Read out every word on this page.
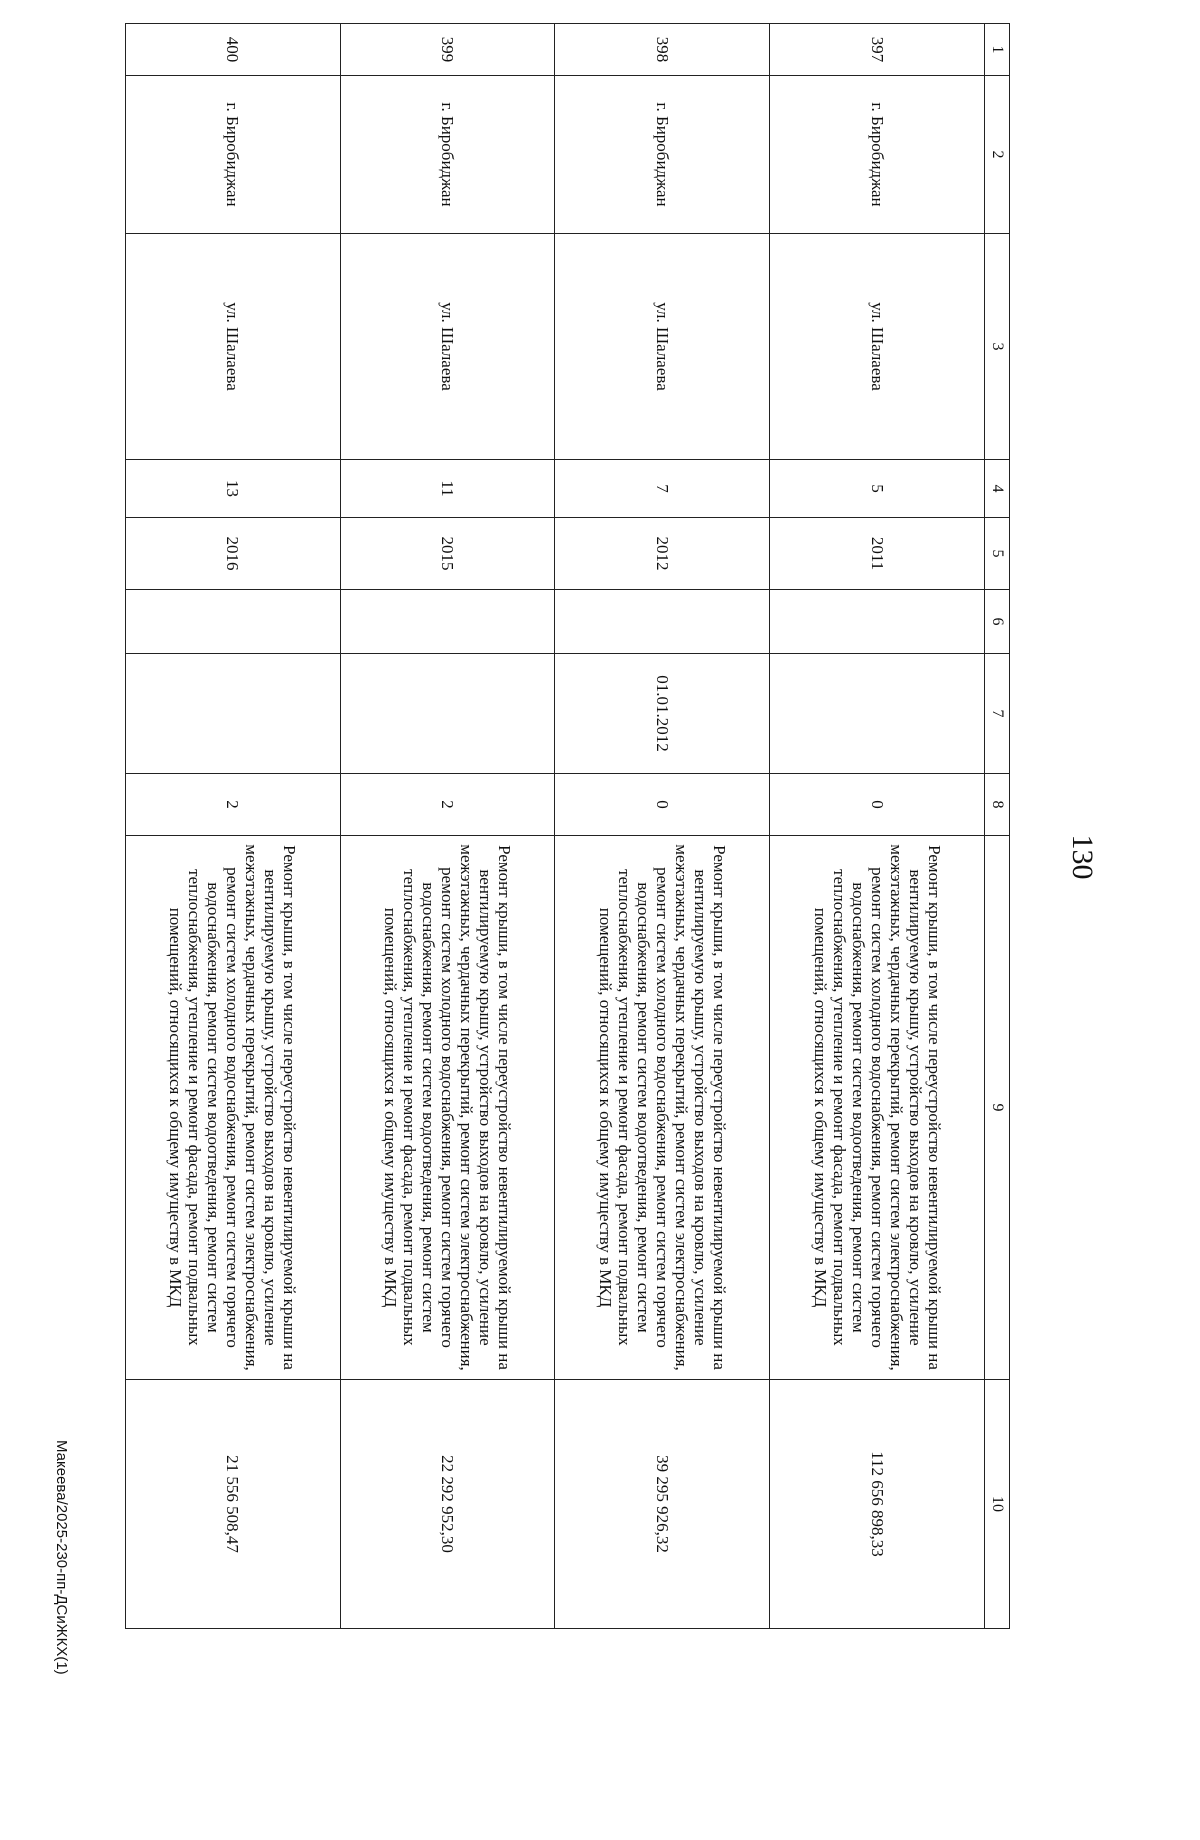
130
1	2	3	4	5	6	7	8	9	10
397	г. Биробиджан	ул. Шалаева	5	2011			0	Ремонт крыши, в том числе переустройство невентилируемой крыши на вентилируемую крышу, устройство выходов на кровлю, усиление межэтажных, чердачных перекрытий, ремонт систем электроснабжения, ремонт систем холодного водоснабжения, ремонт систем горячего водоснабжения, ремонт систем водоотведения, ремонт систем теплоснабжения, утепление и ремонт фасада, ремонт подвальных помещений, относящихся к общему имуществу в МКД	112 656 898,33
398	г. Биробиджан	ул. Шалаева	7	2012		01.01.2012	0	Ремонт крыши, в том числе переустройство невентилируемой крыши на вентилируемую крышу, устройство выходов на кровлю, усиление межэтажных, чердачных перекрытий, ремонт систем электроснабжения, ремонт систем холодного водоснабжения, ремонт систем горячего водоснабжения, ремонт систем водоотведения, ремонт систем теплоснабжения, утепление и ремонт фасада, ремонт подвальных помещений, относящихся к общему имуществу в МКД	39 295 926,32
399	г. Биробиджан	ул. Шалаева	11	2015			2	Ремонт крыши, в том числе переустройство невентилируемой крыши на вентилируемую крышу, устройство выходов на кровлю, усиление межэтажных, чердачных перекрытий, ремонт систем электроснабжения, ремонт систем холодного водоснабжения, ремонт систем горячего водоснабжения, ремонт систем водоотведения, ремонт систем теплоснабжения, утепление и ремонт фасада, ремонт подвальных помещений, относящихся к общему имуществу в МКД	22 292 952,30
400	г. Биробиджан	ул. Шалаева	13	2016			2	Ремонт крыши, в том числе переустройство невентилируемой крыши на вентилируемую крышу, устройство выходов на кровлю, усиление межэтажных, чердачных перекрытий, ремонт систем электроснабжения, ремонт систем холодного водоснабжения, ремонт систем горячего водоснабжения, ремонт систем водоотведения, ремонт систем теплоснабжения, утепление и ремонт фасада, ремонт подвальных помещений, относящихся к общему имуществу в МКД	21 556 508,47
Макеева/2025-230-пп-ДСиЖКХ(1)
